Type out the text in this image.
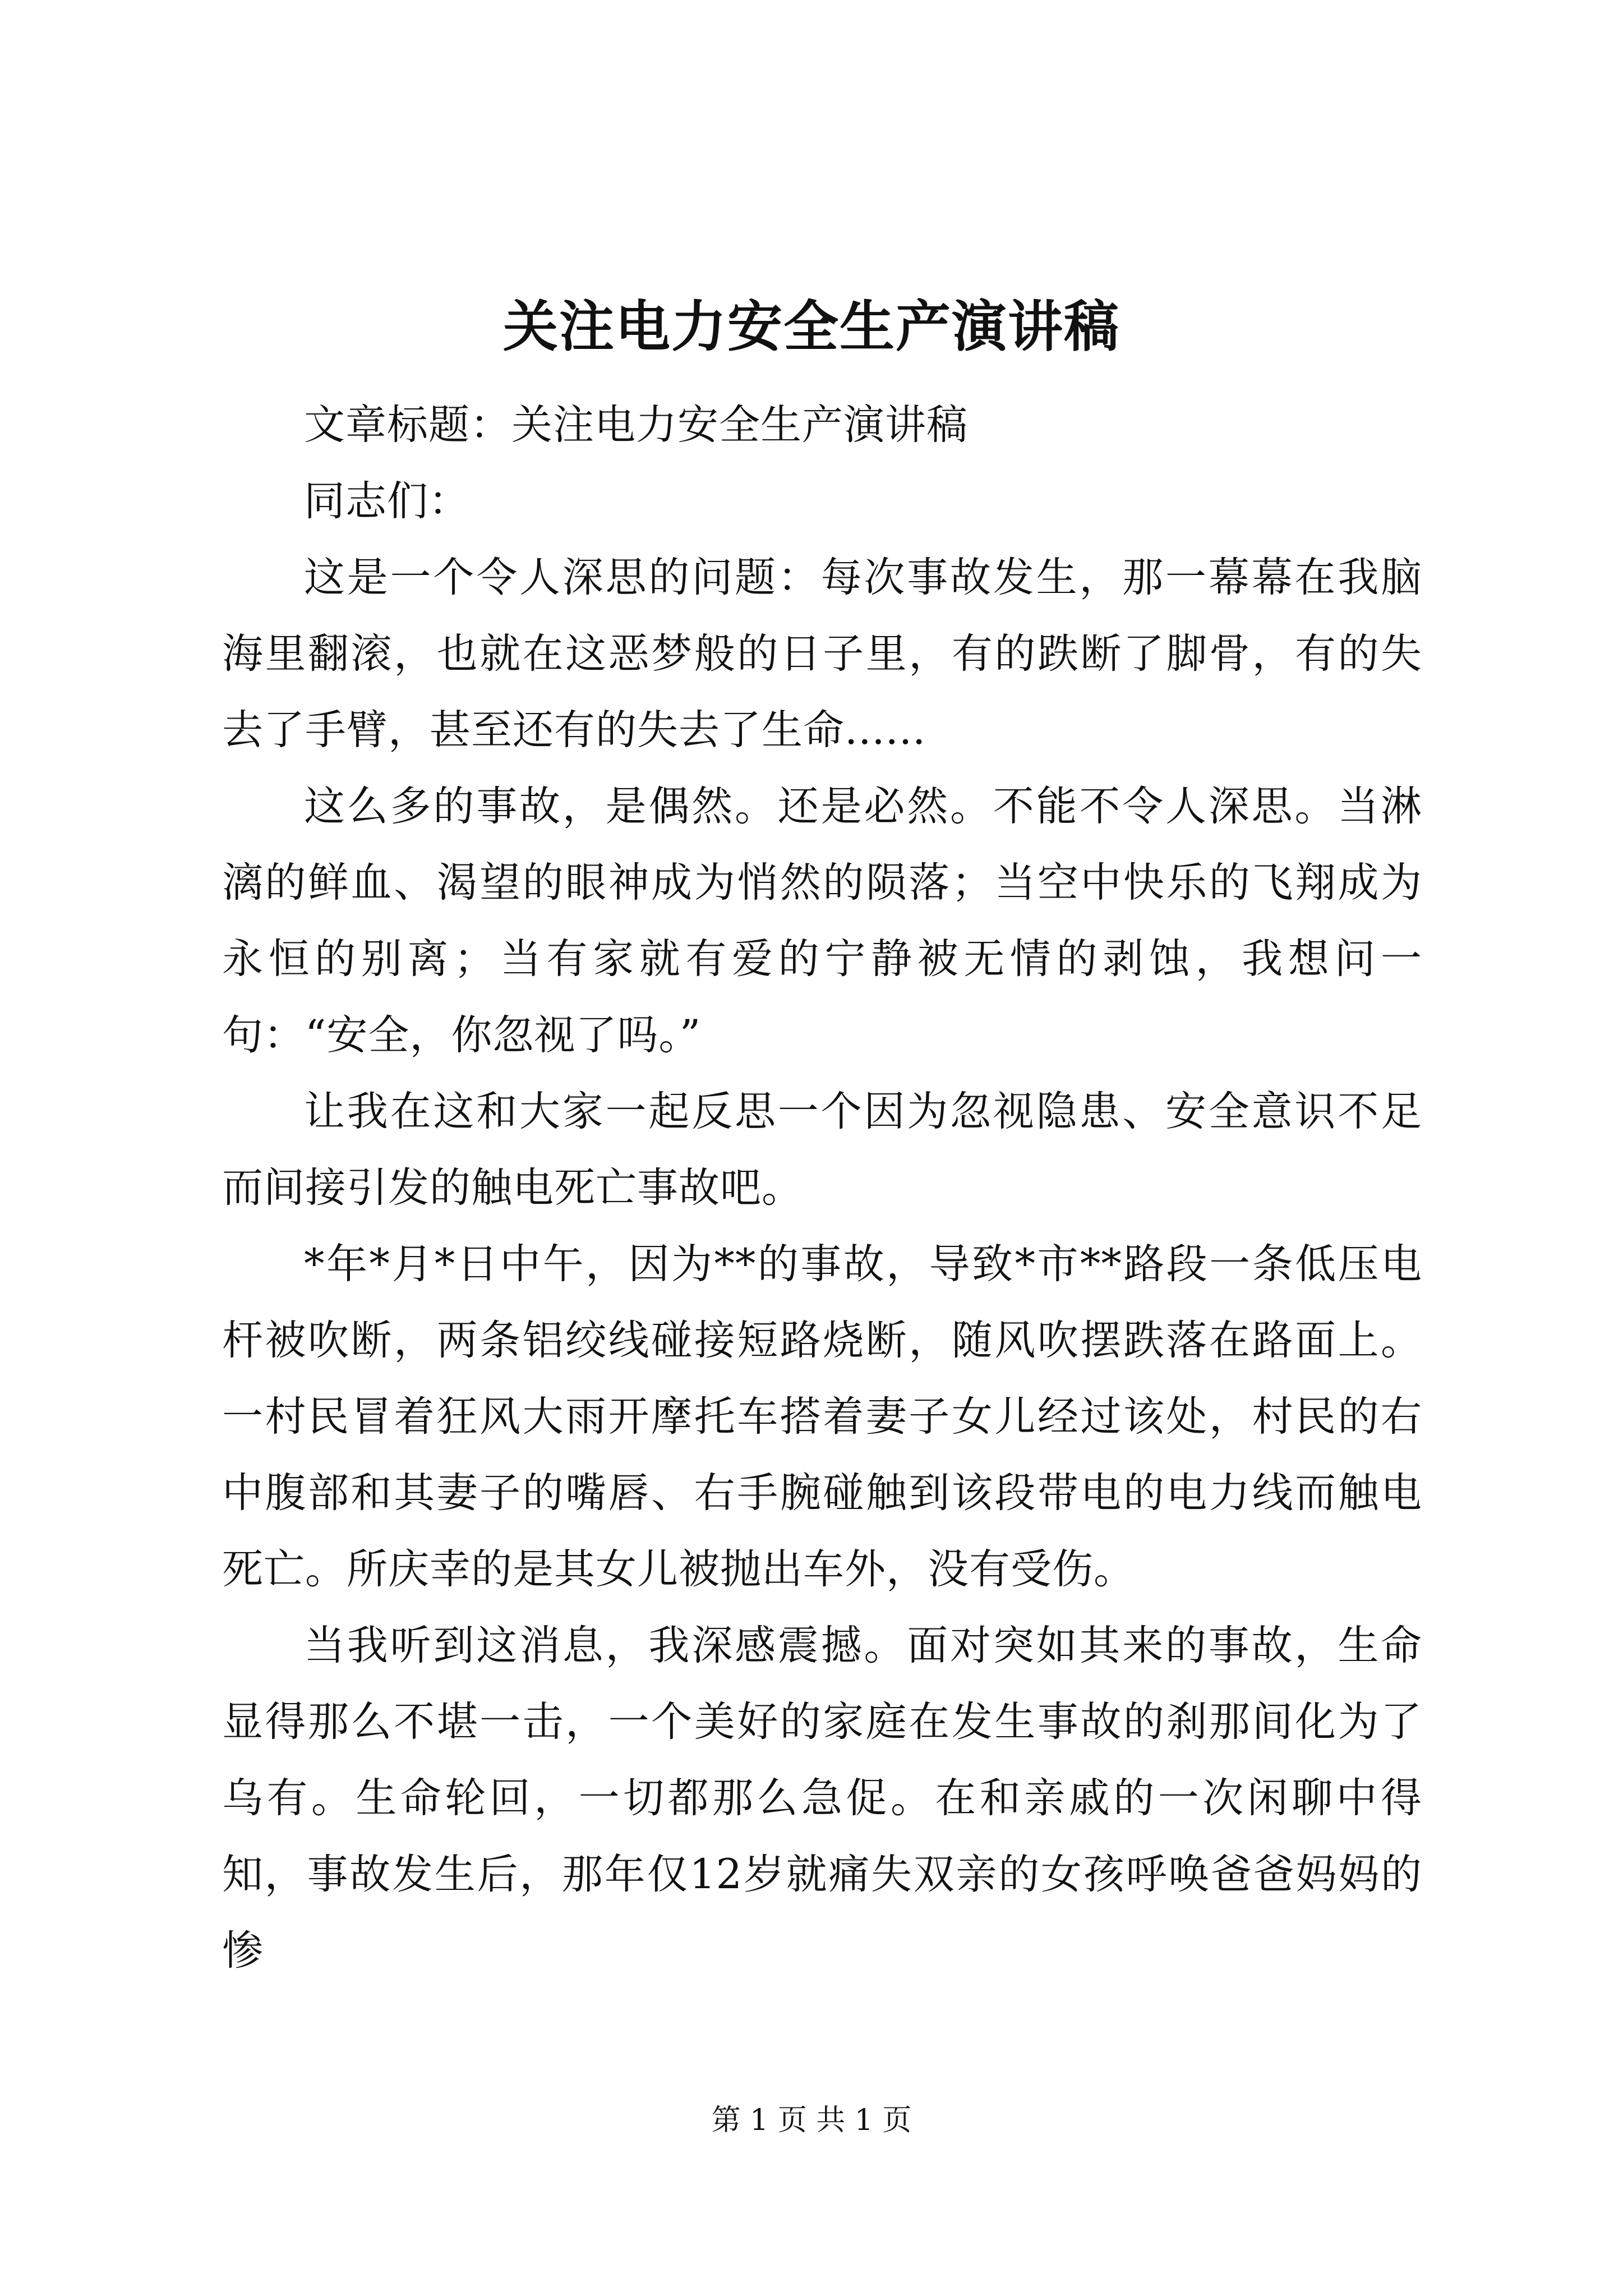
关注电力安全生产演讲稿

文章标题：关注电力安全生产演讲稿

同志们：

这是一个令人深思的问题：每次事故发生，那一幕幕在我脑海里翻滚，也就在这恶梦般的日子里，有的跌断了脚骨，有的失去了手臂，甚至还有的失去了生命......

这么多的事故，是偶然。还是必然。不能不令人深思。当淋漓的鲜血、渴望的眼神成为悄然的陨落；当空中快乐的飞翔成为永恒的别离；当有家就有爱的宁静被无情的剥蚀，我想问一句：“安全，你忽视了吗。”

让我在这和大家一起反思一个因为忽视隐患、安全意识不足而间接引发的触电死亡事故吧。

*年*月*日中午，因为**的事故，导致*市**路段一条低压电杆被吹断，两条铝绞线碰接短路烧断，随风吹摆跌落在路面上。一村民冒着狂风大雨开摩托车搭着妻子女儿经过该处，村民的右中腹部和其妻子的嘴唇、右手腕碰触到该段带电的电力线而触电死亡。所庆幸的是其女儿被抛出车外，没有受伤。

当我听到这消息，我深感震撼。面对突如其来的事故，生命显得那么不堪一击，一个美好的家庭在发生事故的刹那间化为了乌有。生命轮回，一切都那么急促。在和亲戚的一次闲聊中得知，事故发生后，那年仅12岁就痛失双亲的女孩呼唤爸爸妈妈的惨

第 1 页 共 1 页
